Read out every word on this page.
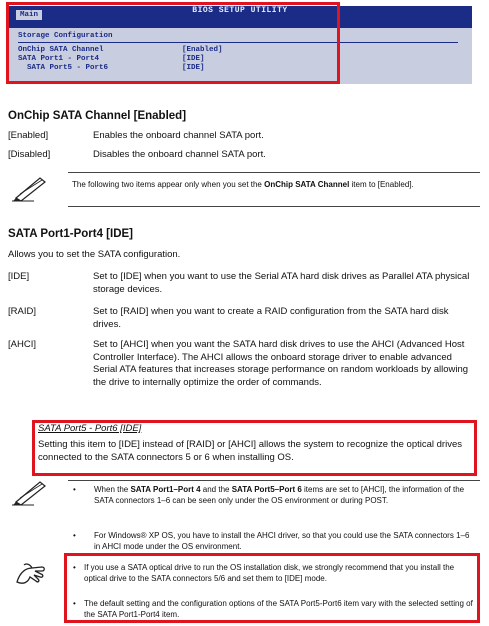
BIOS SETUP UTILITY
Main
Storage Configuration
OnChip SATA Channel	[Enabled]
SATA Port1 - Port4	[IDE]
SATA Port5 - Port6	[IDE]
OnChip SATA Channel [Enabled]
[Enabled]	Enables the onboard channel SATA port.
[Disabled]	Disables the onboard channel SATA port.
The following two items appear only when you set the OnChip SATA Channel item to [Enabled].
SATA Port1-Port4 [IDE]
Allows you to set the SATA configuration.
[IDE]	Set to [IDE] when you want to use the Serial ATA hard disk drives as Parallel ATA physical storage devices.
[RAID]	Set to [RAID] when you want to create a RAID configuration from the SATA hard disk drives.
[AHCI]	Set to [AHCI] when you want the SATA hard disk drives to use the AHCI (Advanced Host Controller Interface). The AHCI allows the onboard storage driver to enable advanced Serial ATA features that increases storage performance on random workloads by allowing the drive to internally optimize the order of commands.
SATA Port5 - Port6 [IDE]
Setting this item to [IDE] instead of [RAID] or [AHCI] allows the system to recognize the optical drives connected to the SATA connectors 5 or 6 when installing OS.
• When the SATA Port1–Port 4 and the SATA Port5–Port 6 items are set to [AHCI], the information of the SATA connectors 1–6 can be seen only under the OS environment or during POST.
• For Windows® XP OS, you have to install the AHCI driver, so that you could use the SATA connectors 1–6 in AHCI mode under the OS environment.
• If you use a SATA optical drive to run the OS installation disk, we strongly recommend that you install the optical drive to the SATA connectors 5/6 and set them to [IDE] mode.
• The default setting and the configuration options of the SATA Port5-Port6 item vary with the selected setting of the SATA Port1-Port4 item.
